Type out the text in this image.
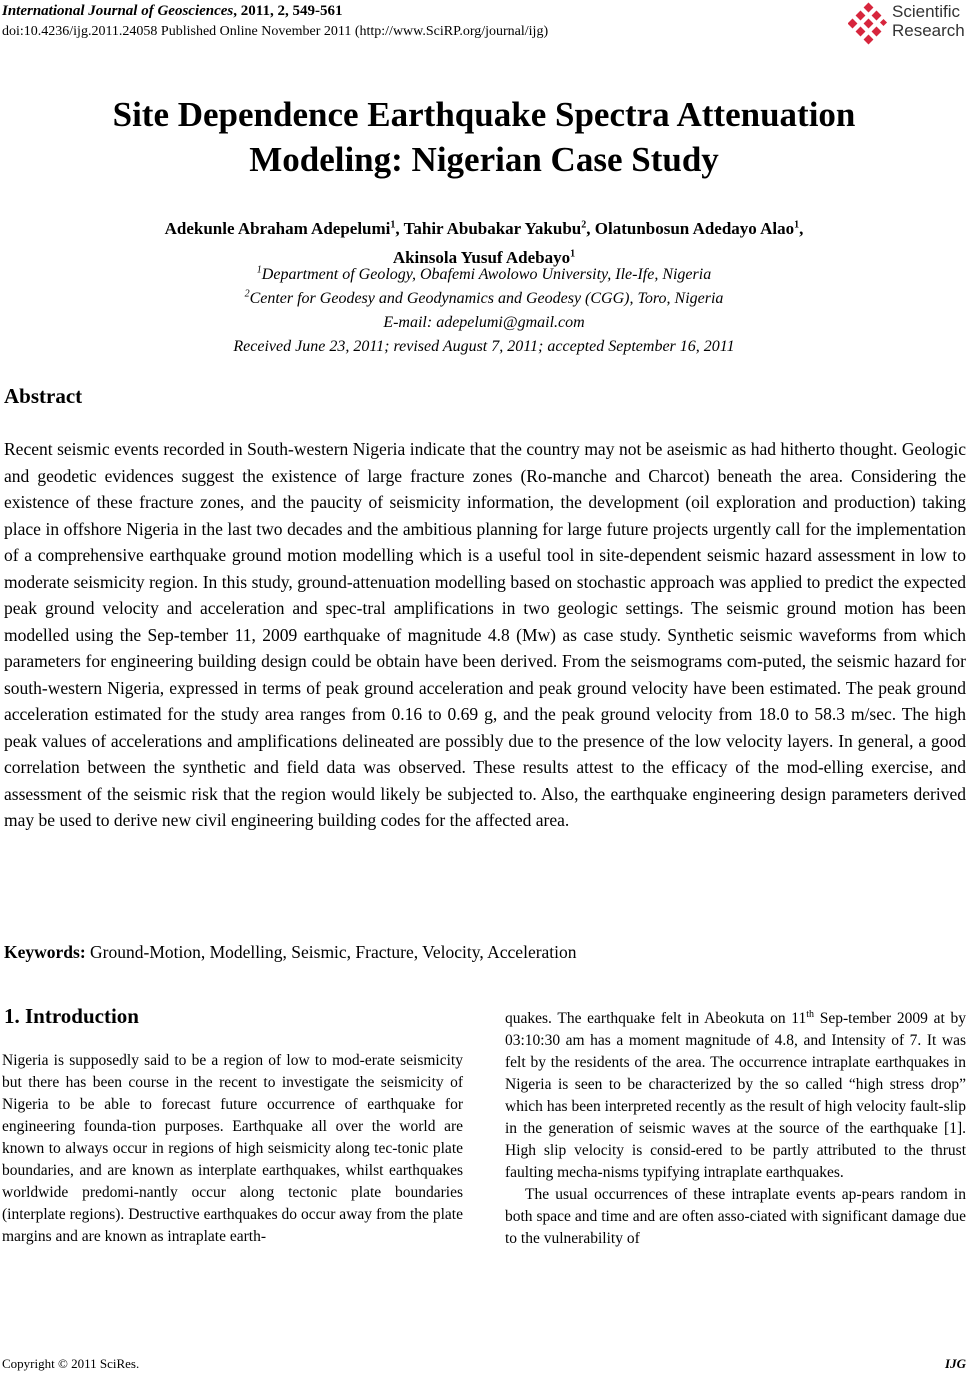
International Journal of Geosciences, 2011, 2, 549-561
doi:10.4236/ijg.2011.24058 Published Online November 2011 (http://www.SciRP.org/journal/ijg)
Scientific
Research
Site Dependence Earthquake Spectra Attenuation
Modeling: Nigerian Case Study
Adekunle Abraham Adepelumi$^1$, Tahir Abubakar Yakubu$^2$, Olatunbosun Adedayo Alao$^1$,
Akinsola Yusuf Adebayo$^1$
$^1$Department of Geology, Obafemi Awolowo University, Ile-Ife, Nigeria
$^2$Center for Geodesy and Geodynamics and Geodesy (CGG), Toro, Nigeria
E-mail: adepelumi@gmail.com
Received June 23, 2011; revised August 7, 2011; accepted September 16, 2011
Abstract
Recent seismic events recorded in South-western Nigeria indicate that the country may not be aseismic as had hitherto thought. Geologic and geodetic evidences suggest the existence of large fracture zones (Ro-manche and Charcot) beneath the area. Considering the existence of these fracture zones, and the paucity of seismicity information, the development (oil exploration and production) taking place in offshore Nigeria in the last two decades and the ambitious planning for large future projects urgently call for the implementation of a comprehensive earthquake ground motion modelling which is a useful tool in site-dependent seismic hazard assessment in low to moderate seismicity region. In this study, ground-attenuation modelling based on stochastic approach was applied to predict the expected peak ground velocity and acceleration and spec-tral amplifications in two geologic settings. The seismic ground motion has been modelled using the Sep-tember 11, 2009 earthquake of magnitude 4.8 (Mw) as case study. Synthetic seismic waveforms from which parameters for engineering building design could be obtain have been derived. From the seismograms com-puted, the seismic hazard for south-western Nigeria, expressed in terms of peak ground acceleration and peak ground velocity have been estimated. The peak ground acceleration estimated for the study area ranges from 0.16 to 0.69 g, and the peak ground velocity from 18.0 to 58.3 m/sec. The high peak values of accelerations and amplifications delineated are possibly due to the presence of the low velocity layers. In general, a good correlation between the synthetic and field data was observed. These results attest to the efficacy of the mod-elling exercise, and assessment of the seismic risk that the region would likely be subjected to. Also, the earthquake engineering design parameters derived may be used to derive new civil engineering building codes for the affected area.
Keywords: Ground-Motion, Modelling, Seismic, Fracture, Velocity, Acceleration
1. Introduction

Nigeria is supposedly said to be a region of low to mod-erate seismicity but there has been course in the recent to investigate the seismicity of Nigeria to be able to forecast future occurrence of earthquake for engineering founda-tion purposes. Earthquake all over the world are known to always occur in regions of high seismicity along tec-tonic plate boundaries, and are known as interplate earthquakes, whilst earthquakes worldwide predomi-nantly occur along tectonic plate boundaries (interplate regions). Destructive earthquakes do occur away from the plate margins and are known as intraplate earth-

quakes. The earthquake felt in Abeokuta on 11th Sep-tember 2009 at by 03:10:30 am has a moment magnitude of 4.8, and Intensity of 7. It was felt by the residents of the area. The occurrence intraplate earthquakes in Nigeria is seen to be characterized by the so called “high stress drop” which has been interpreted recently as the result of high velocity fault-slip in the generation of seismic waves at the source of the earthquake [1]. High slip velocity is consid-ered to be partly attributed to the thrust faulting mecha-nisms typifying intraplate earthquakes.

The usual occurrences of these intraplate events ap-pears random in both space and time and are often asso-ciated with significant damage due to the vulnerability of

Copyright © 2011 SciRes.	IJG
